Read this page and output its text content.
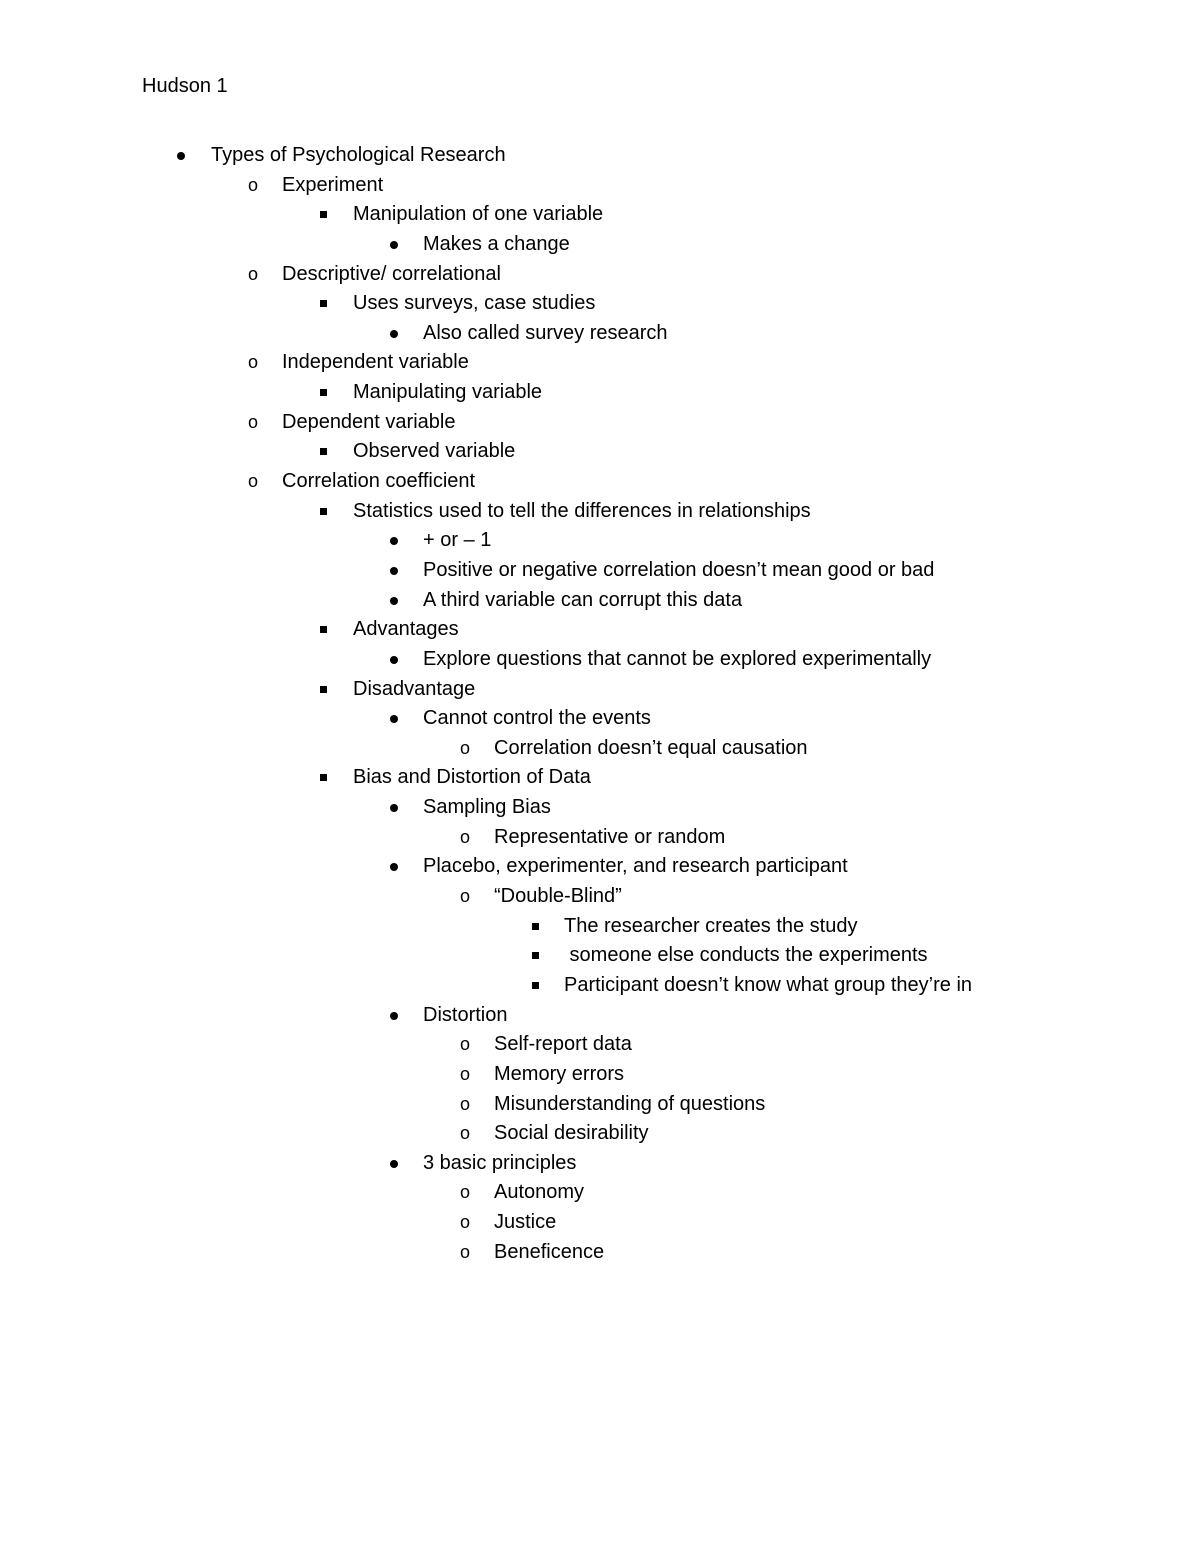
Hudson 1
Types of Psychological Research
o
Experiment
Manipulation of one variable
Makes a change
o
Descriptive/ correlational
Uses surveys, case studies
Also called survey research
o
Independent variable
Manipulating variable
o
Dependent variable
Observed variable
o
Correlation coefficient
Statistics used to tell the differences in relationships
+ or – 1
Positive or negative correlation doesn’t mean good or bad
A third variable can corrupt this data
Advantages
Explore questions that cannot be explored experimentally
Disadvantage
Cannot control the events
o
Correlation doesn’t equal causation
Bias and Distortion of Data
Sampling Bias
o
Representative or random
Placebo, experimenter, and research participant
o
“Double-Blind”
The researcher creates the study
someone else conducts the experiments
Participant doesn’t know what group they’re in
Distortion
o
Self-report data
o
Memory errors
o
Misunderstanding of questions
o
Social desirability
3 basic principles
o
Autonomy
o
Justice
o
Beneficence
